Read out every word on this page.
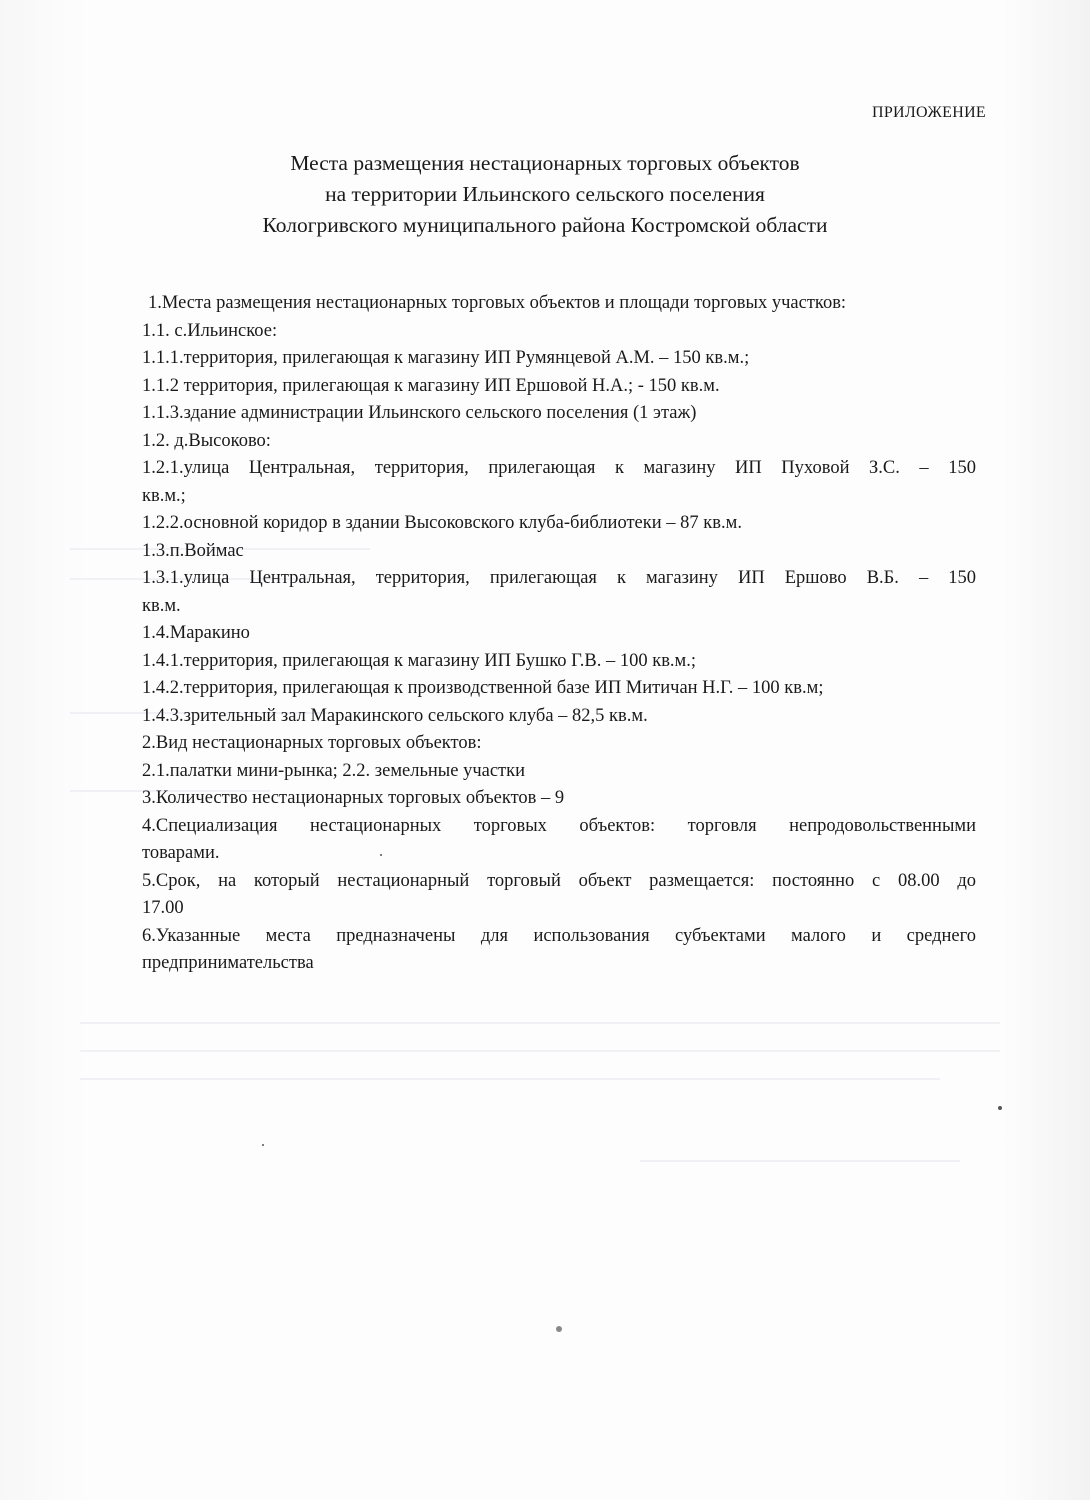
ПРИЛОЖЕНИЕ
Места размещения нестационарных торговых объектов
на территории Ильинского сельского поселения
Кологривского муниципального района Костромской области
1.Места размещения нестационарных торговых объектов и площади торговых участков:
1.1. с.Ильинское:
1.1.1.территория, прилегающая к магазину ИП Румянцевой А.М. – 150 кв.м.;
1.1.2 территория, прилегающая к магазину ИП Ершовой Н.А.; - 150 кв.м.
1.1.3.здание администрации Ильинского сельского поселения (1 этаж)
1.2. д.Высоково:
1.2.1.улица Центральная, территория, прилегающая к магазину ИП Пуховой З.С. – 150
кв.м.;
1.2.2.основной коридор в здании Высоковского клуба-библиотеки – 87 кв.м.
1.3.п.Воймас
1.3.1.улица Центральная, территория, прилегающая к магазину ИП Ершово В.Б. – 150
кв.м.
1.4.Маракино
1.4.1.территория, прилегающая к магазину ИП Бушко Г.В. – 100 кв.м.;
1.4.2.территория, прилегающая к производственной базе ИП Митичан Н.Г. – 100 кв.м;
1.4.3.зрительный зал Маракинского сельского клуба – 82,5 кв.м.
2.Вид нестационарных торговых объектов:
2.1.палатки мини-рынка; 2.2. земельные участки
3.Количество нестационарных торговых объектов – 9
4.Специализация нестационарных торговых объектов: торговля непродовольственными
товарами.
5.Срок, на который нестационарный торговый объект размещается: постоянно с 08.00 до
17.00
6.Указанные места предназначены для использования субъектами малого и среднего
предпринимательства
